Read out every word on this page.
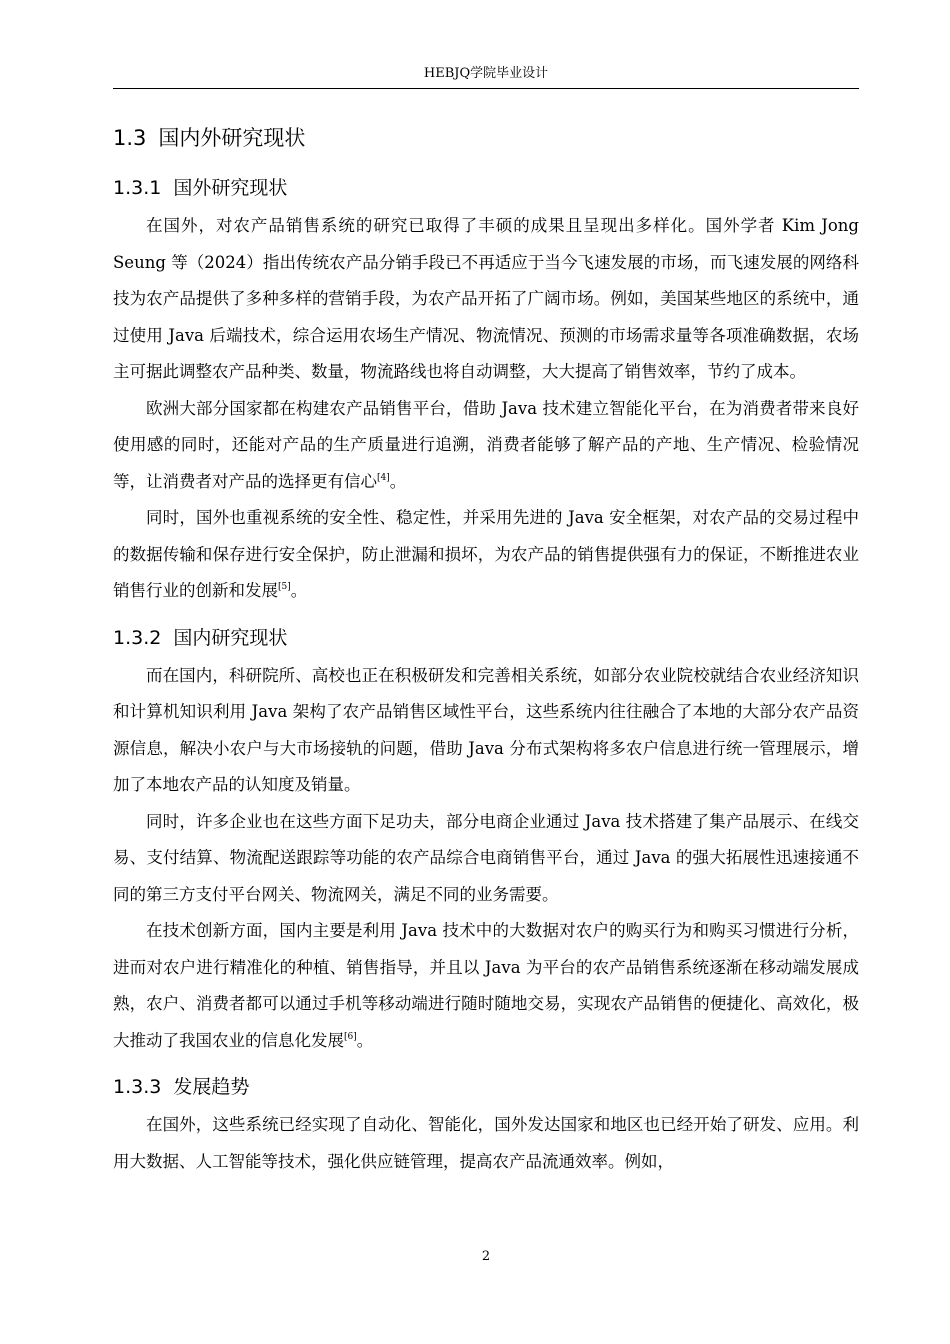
HEBJQ学院毕业设计
1.3 国内外研究现状
1.3.1 国外研究现状

在国外，对农产品销售系统的研究已取得了丰硕的成果且呈现出多样化。国外学者 Kim Jong Seung 等（2024）指出传统农产品分销手段已不再适应于当今飞速发展的市场，而飞速发展的网络科技为农产品提供了多种多样的营销手段，为农产品开拓了广阔市场。例如，美国某些地区的系统中，通过使用 Java 后端技术，综合运用农场生产情况、物流情况、预测的市场需求量等各项准确数据，农场主可据此调整农产品种类、数量，物流路线也将自动调整，大大提高了销售效率，节约了成本。

欧洲大部分国家都在构建农产品销售平台，借助 Java 技术建立智能化平台，在为消费者带来良好使用感的同时，还能对产品的生产质量进行追溯，消费者能够了解产品的产地、生产情况、检验情况等，让消费者对产品的选择更有信心[4]。

同时，国外也重视系统的安全性、稳定性，并采用先进的 Java 安全框架，对农产品的交易过程中的数据传输和保存进行安全保护，防止泄漏和损坏，为农产品的销售提供强有力的保证，不断推进农业销售行业的创新和发展[5]。

1.3.2 国内研究现状

而在国内，科研院所、高校也正在积极研发和完善相关系统，如部分农业院校就结合农业经济知识和计算机知识利用 Java 架构了农产品销售区域性平台，这些系统内往往融合了本地的大部分农产品资源信息，解决小农户与大市场接轨的问题，借助 Java 分布式架构将多农户信息进行统一管理展示，增加了本地农产品的认知度及销量。

同时，许多企业也在这些方面下足功夫，部分电商企业通过 Java 技术搭建了集产品展示、在线交易、支付结算、物流配送跟踪等功能的农产品综合电商销售平台，通过 Java 的强大拓展性迅速接通不同的第三方支付平台网关、物流网关，满足不同的业务需要。

在技术创新方面，国内主要是利用 Java 技术中的大数据对农户的购买行为和购买习惯进行分析，进而对农户进行精准化的种植、销售指导，并且以 Java 为平台的农产品销售系统逐渐在移动端发展成熟，农户、消费者都可以通过手机等移动端进行随时随地交易，实现农产品销售的便捷化、高效化，极大推动了我国农业的信息化发展[6]。

1.3.3 发展趋势

在国外，这些系统已经实现了自动化、智能化，国外发达国家和地区也已经开始了研发、应用。利用大数据、人工智能等技术，强化供应链管理，提高农产品流通效率。例如，

2
